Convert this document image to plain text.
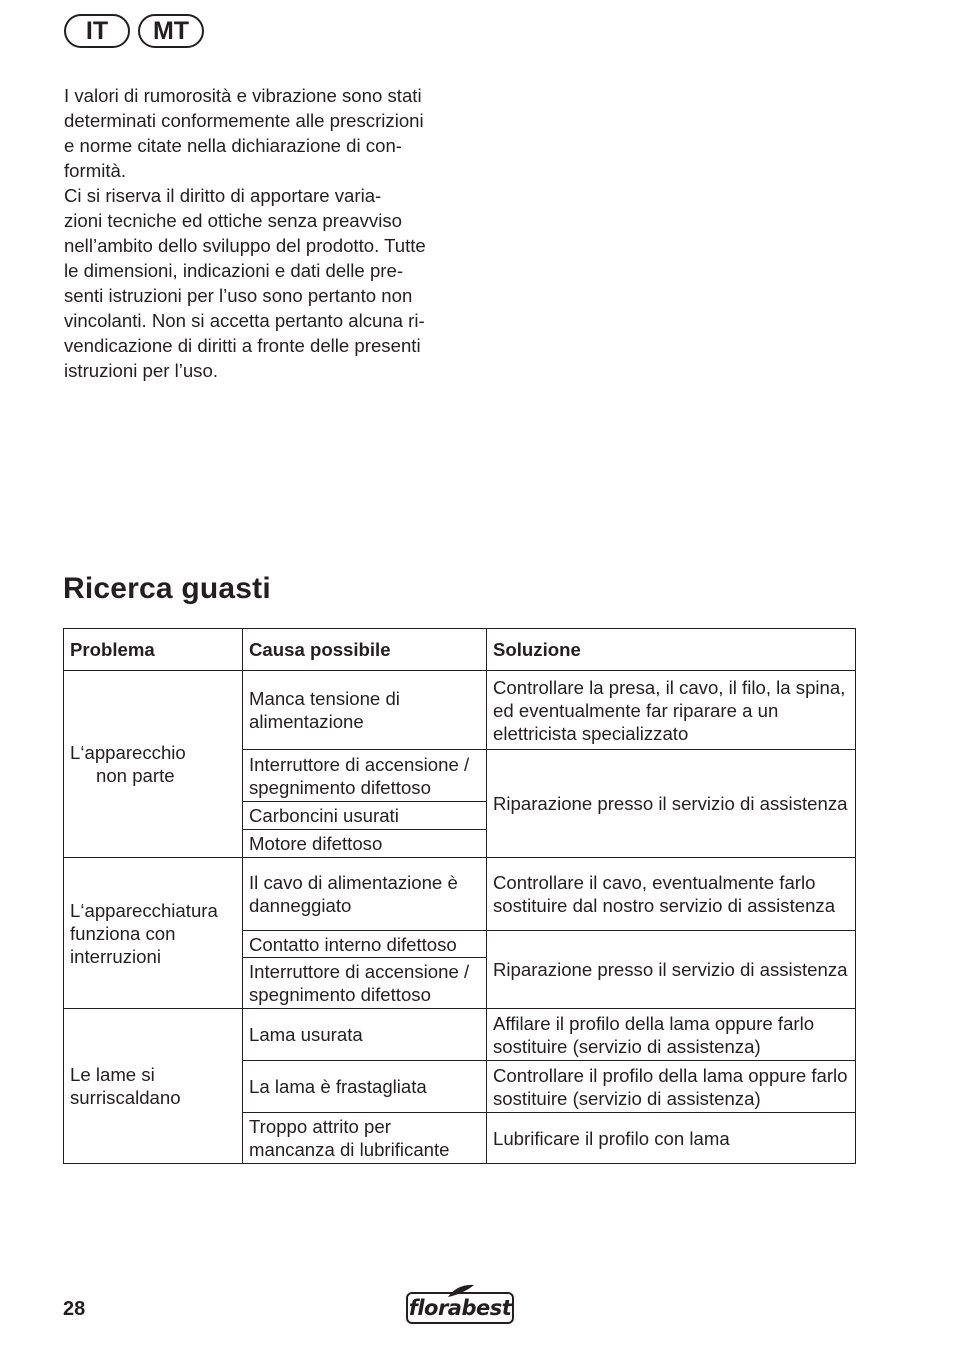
IT	MT

I valori di rumorosità e vibrazione sono stati
determinati conformemente alle prescrizioni
e norme citate nella dichiarazione di con-
formità.

Ci si riserva il diritto di apportare varia-
zioni tecniche ed ottiche senza preavviso
nell’ambito dello sviluppo del prodotto. Tutte
le dimensioni, indicazioni e dati delle pre-
senti istruzioni per l’uso sono pertanto non
vincolanti. Non si accetta pertanto alcuna ri-
vendicazione di diritti a fronte delle presenti
istruzioni per l’uso.

Ricerca guasti
Problema	Causa possibile	Soluzione
L‘apparecchio
non parte	Manca tensione di alimentazione	Controllare la presa, il cavo, il filo, la spina, ed eventualmente far riparare a un elettricista specializzato
	Interruttore di accensione / spegnimento difettoso	Riparazione presso il servizio di assistenza
	Carboncini usurati	
	Motore difettoso	
L‘apparecchiatura funziona con interruzioni	Il cavo di alimentazione è danneggiato	Controllare il cavo, eventualmente farlo sostituire dal nostro servizio di assistenza
	Contatto interno difettoso	Riparazione presso il servizio di assistenza
	Interruttore di accensione / spegnimento difettoso	
Le lame si surriscaldano	Lama usurata	Affilare il profilo della lama oppure farlo sostituire (servizio di assistenza)
	La lama è frastagliata	Controllare il profilo della lama oppure farlo sostituire (servizio di assistenza)
	Troppo attrito per mancanza di lubrificante	Lubrificare il profilo con lama
28	florabest
